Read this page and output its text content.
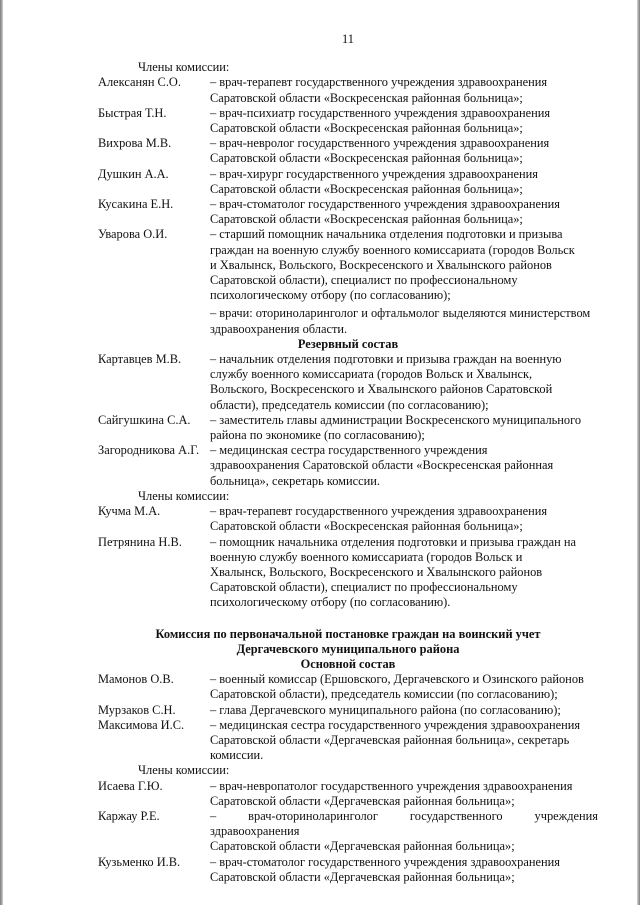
11
Члены комиссии:
Алексанян С.О.	– врач-терапевт государственного учреждения здравоохранения
Саратовской области «Воскресенская районная больница»;
Быстрая Т.Н.	– врач-психиатр государственного учреждения здравоохранения
Саратовской области «Воскресенская районная больница»;
Вихрова М.В.	– врач-невролог государственного учреждения здравоохранения
Саратовской области «Воскресенская районная больница»;
Душкин А.А.	– врач-хирург государственного учреждения здравоохранения
Саратовской области «Воскресенская районная больница»;
Кусакина Е.Н.	– врач-стоматолог государственного учреждения здравоохранения
Саратовской области «Воскресенская районная больница»;
Уварова О.И.	– старший помощник начальника отделения подготовки и призыва
граждан на военную службу военного комиссариата (городов Вольск
и Хвалынск, Вольского, Воскресенского и Хвалынского районов
Саратовской области), специалист по профессиональному
психологическому отбору (по согласованию);
– врачи: оториноларинголог и офтальмолог выделяются министерством
здравоохранения области.
Резервный состав
Картавцев М.В.	– начальник отделения подготовки и призыва граждан на военную
службу военного комиссариата (городов Вольск и Хвалынск,
Вольского, Воскресенского и Хвалынского районов Саратовской
области), председатель комиссии (по согласованию);
Сайгушкина С.А.	– заместитель главы администрации Воскресенского муниципального
района по экономике (по согласованию);
Загородникова А.Г. – медицинская сестра государственного учреждения
здравоохранения Саратовской области «Воскресенская районная
больница», секретарь комиссии.
Члены комиссии:
Кучма М.А.	– врач-терапевт государственного учреждения здравоохранения
Саратовской области «Воскресенская районная больница»;
Петрянина Н.В.	– помощник начальника отделения подготовки и призыва граждан на
военную службу военного комиссариата (городов Вольск и
Хвалынск, Вольского, Воскресенского и Хвалынского районов
Саратовской области), специалист по профессиональному
психологическому отбору (по согласованию).
Комиссия по первоначальной постановке граждан на воинский учет
Дергачевского муниципального района
Основной состав
Мамонов О.В.	– военный комиссар (Ершовского, Дергачевского и Озинского районов
Саратовской области), председатель комиссии (по согласованию);
Мурзаков С.Н.	– глава Дергачевского муниципального района (по согласованию);
Максимова И.С.	– медицинская сестра государственного учреждения здравоохранения
Саратовской области «Дергачевская районная больница», секретарь
комиссии.
Члены комиссии:
Исаева Г.Ю.	– врач-невропатолог государственного учреждения здравоохранения
Саратовской области «Дергачевская районная больница»;
Каржау Р.Е.	– врач-оториноларинголог государственного учреждения здравоохранения
Саратовской области «Дергачевская районная больница»;
Кузьменко И.В.	– врач-стоматолог государственного учреждения здравоохранения
Саратовской области «Дергачевская районная больница»;
